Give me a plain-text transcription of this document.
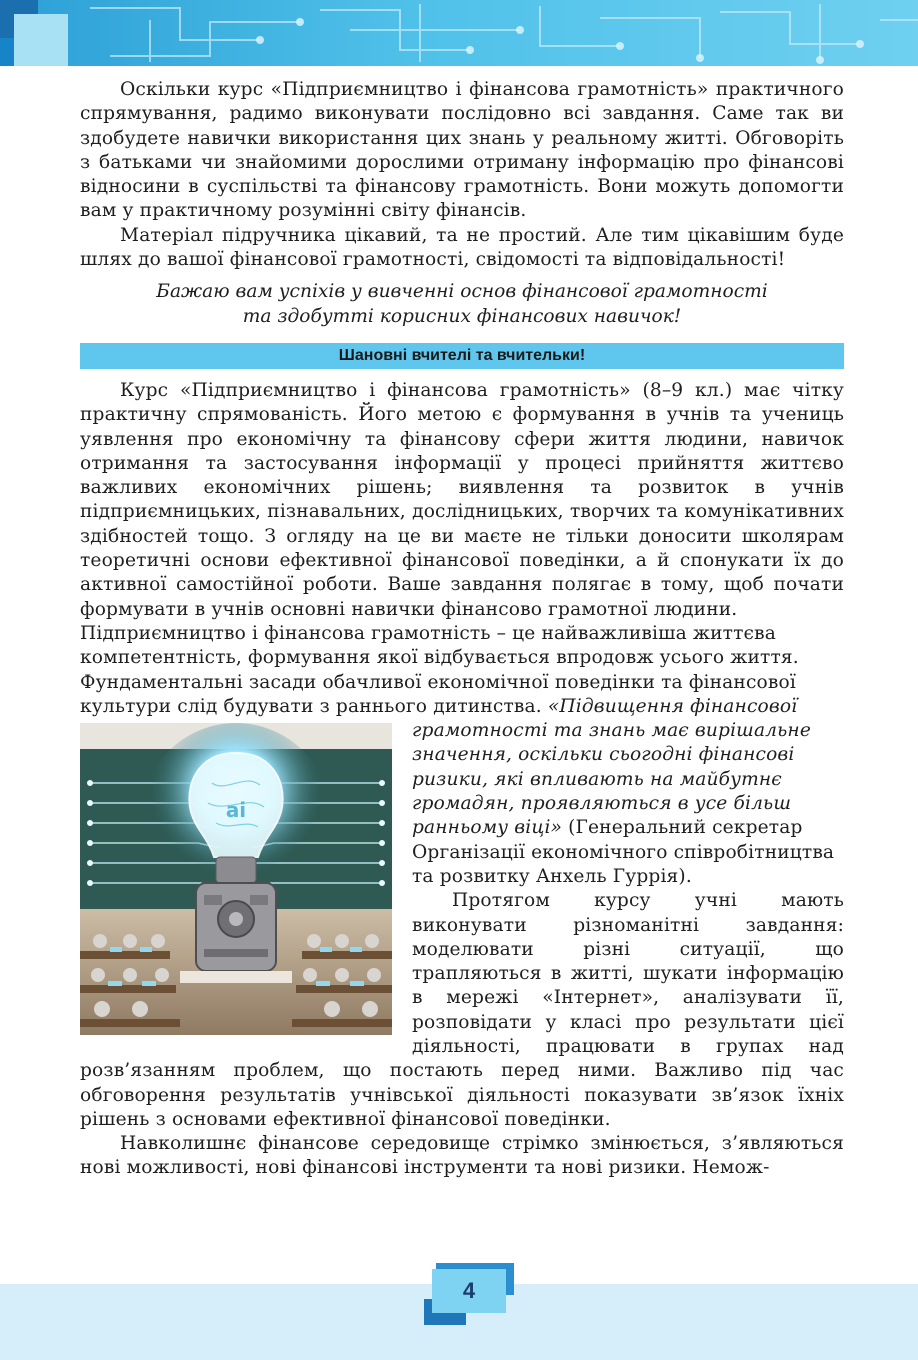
Оскільки курс «Підприємництво і фінансова грамотність» практичного спрямування, радимо виконувати послідовно всі завдання. Саме так ви здобудете навички використання цих знань у реальному житті. Обговоріть з батьками чи знайомими дорослими отриману інформацію про фінансові відносини в суспільстві та фінансову грамотність. Вони можуть допомогти вам у практичному розумінні світу фінансів.

Матеріал підручника цікавий, та не простий. Але тим цікавішим буде шлях до вашої фінансової грамотності, свідомості та відповідальності!

Бажаю вам успіхів у вивченні основ фінансової грамотності
та здобутті корисних фінансових навичок!
Шановні вчителі та вчительки!

Курс «Підприємництво і фінансова грамотність» (8–9 кл.) має чітку практичну спрямованість. Його метою є формування в учнів та учениць уявлення про економічну та фінансову сфери життя людини, навичок отримання та застосування інформації у процесі прийняття життєво важливих економічних рішень; виявлення та розвиток в учнів підприємницьких, пізнавальних, дослідницьких, творчих та комунікативних здібностей тощо. З огляду на це ви маєте не тільки доносити школярам теоретичні основи ефективної фінансової поведінки, а й спонукати їх до активної самостійної роботи. Ваше завдання полягає в тому, щоб почати формувати в учнів основні навички фінансово грамотної людини.

Підприємництво і фінансова грамотність – це найважливіша життєва компетентність, формування якої відбувається впродовж усього життя. Фундаментальні засади обачливої економічної поведінки та фінансової культури слід будувати з раннього дитинства.

ai

«Підвищення фінансової грамотності та знань має вирішальне значення, оскільки сьогодні фінансові ризики, які впливають на майбутнє громадян, проявляються в усе більш ранньому віці» (Генеральний секретар Організації економічного співробітництва та розвитку Анхель Гуррія).

Протягом курсу учні мають виконувати різноманітні завдання: моделювати різні ситуації, що трапляються в житті, шукати інформацію в мережі «Інтернет», аналізувати її, розповідати у класі про результати цієї діяльності, працювати в групах над розв’язанням проблем, що постають перед ними. Важливо під час обговорення результатів учнівської діяльності показувати зв’язок їхніх рішень з основами ефективної фінансової поведінки.

Навколишнє фінансове середовище стрімко змінюється, з’являються нові можливості, нові фінансові інструменти та нові ризики. Немож-

4
